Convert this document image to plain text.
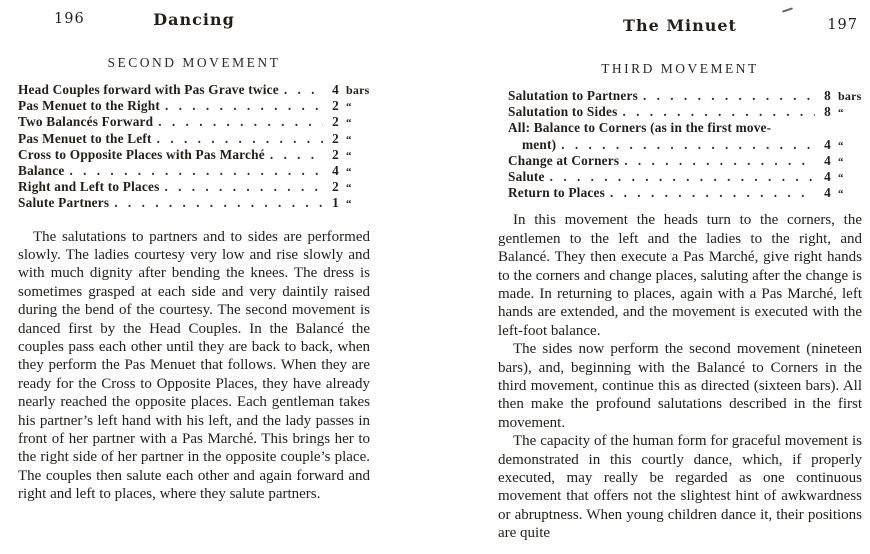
196	Dancing
SECOND MOVEMENT
Head Couples forward with Pas Grave twice . . .	4 bars
Pas Menuet to the Right . . .	2 “
Two Balancés Forward . . .	2 “
Pas Menuet to the Left . . .	2 “
Cross to Opposite Places with Pas Marché . . .	2 “
Balance . . .	4 “
Right and Left to Places . . .	2 “
Salute Partners . . .	1 “

The salutations to partners and to sides are performed slowly. The ladies courtesy very low and rise slowly and with much dignity after bending the knees. The dress is sometimes grasped at each side and very daintily raised during the bend of the courtesy. The second movement is danced first by the Head Couples. In the Balancé the couples pass each other until they are back to back, when they perform the Pas Menuet that follows. When they are ready for the Cross to Opposite Places, they have already nearly reached the opposite places. Each gentleman takes his partner’s left hand with his left, and the lady passes in front of her partner with a Pas Marché. This brings her to the right side of her partner in the opposite couple’s place. The couples then salute each other and again forward and right and left to places, where they salute partners.

The Minuet	197
THIRD MOVEMENT
Salutation to Partners . . .	8 bars
Salutation to Sides . . .	8 “
All: Balance to Corners (as in the first move-
ment) . . .	4 “
Change at Corners . . .	4 “
Salute . . .	4 “
Return to Places . . .	4 “

In this movement the heads turn to the corners, the gentlemen to the left and the ladies to the right, and Balancé. They then execute a Pas Marché, give right hands to the corners and change places, saluting after the change is made. In returning to places, again with a Pas Marché, left hands are extended, and the movement is executed with the left-foot balance.

The sides now perform the second movement (nineteen bars), and, beginning with the Balancé to Corners in the third movement, continue this as directed (sixteen bars). All then make the profound salutations described in the first movement.

The capacity of the human form for graceful movement is demonstrated in this courtly dance, which, if properly executed, may really be regarded as one continuous movement that offers not the slightest hint of awkwardness or abruptness. When young children dance it, their positions are quite
